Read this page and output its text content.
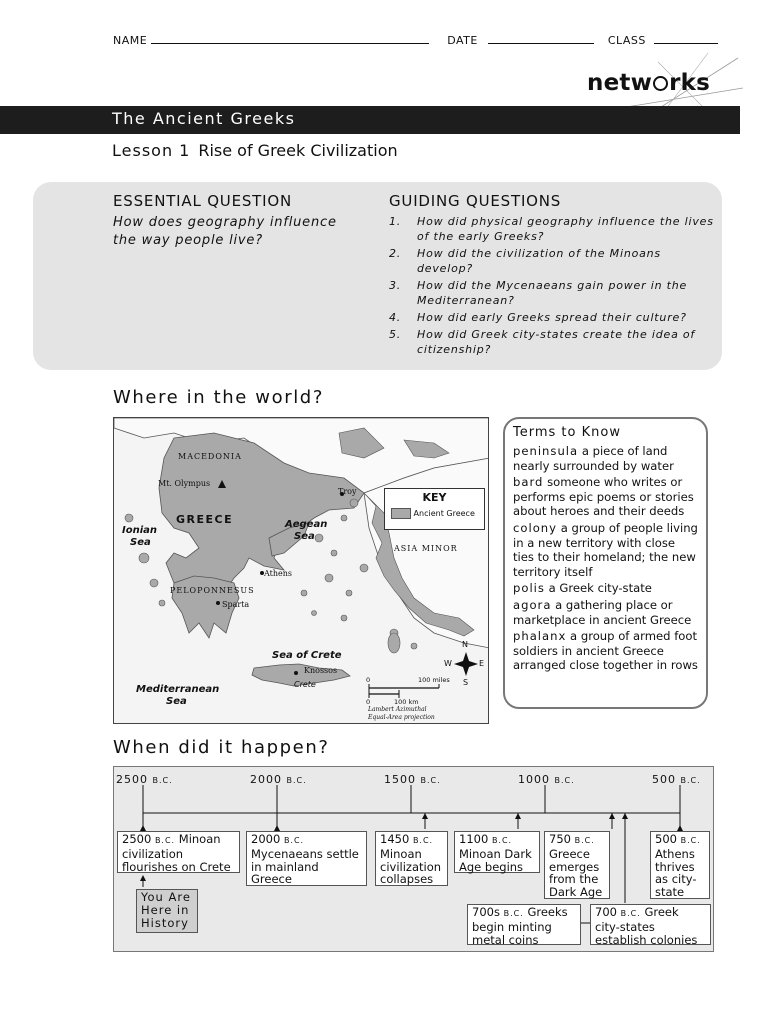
NAME	DATE	CLASS
netw rks
The Ancient Greeks
Lesson 1 Rise of Greek Civilization
ESSENTIAL QUESTION
How does geography influence the way people live?
GUIDING QUESTIONS
1. How did physical geography influence the lives of the early Greeks?
2. How did the civilization of the Minoans develop?
3. How did the Mycenaeans gain power in the Mediterranean?
4. How did early Greeks spread their culture?
5. How did Greek city-states create the idea of citizenship?
Where in the world?
MACEDONIA
Mt. Olympus
GREECE
Ionian
Sea
Aegean
Sea
Troy
ASIA MINOR
Athens
PELOPONNESUS
Sparta
Sea of Crete
Knossos
Crete
Mediterranean
Sea
N
S
E
W
100 miles
0
0	100 km
Lambert Azimuthal
Equal-Area projection
KEY
Ancient Greece
Terms to Know
peninsula a piece of land nearly surrounded by water
bard someone who writes or performs epic poems or stories about heroes and their deeds
colony a group of people living in a new territory with close ties to their homeland; the new territory itself
polis a Greek city-state
agora a gathering place or marketplace in ancient Greece
phalanx a group of armed foot soldiers in ancient Greece arranged close together in rows
When did it happen?
2500 B.C.	2000 B.C.	1500 B.C.	1000 B.C.	500 B.C.
2500 B.C. Minoan civilization flourishes on Crete
2000 B.C. Mycenaeans settle in mainland Greece
1450 B.C. Minoan civilization collapses
1100 B.C. Minoan Dark Age begins
750 B.C. Greece emerges from the Dark Age
500 B.C. Athens thrives as city-state
700s B.C. Greeks begin minting metal coins
700 B.C. Greek city-states establish colonies
You Are Here in History
